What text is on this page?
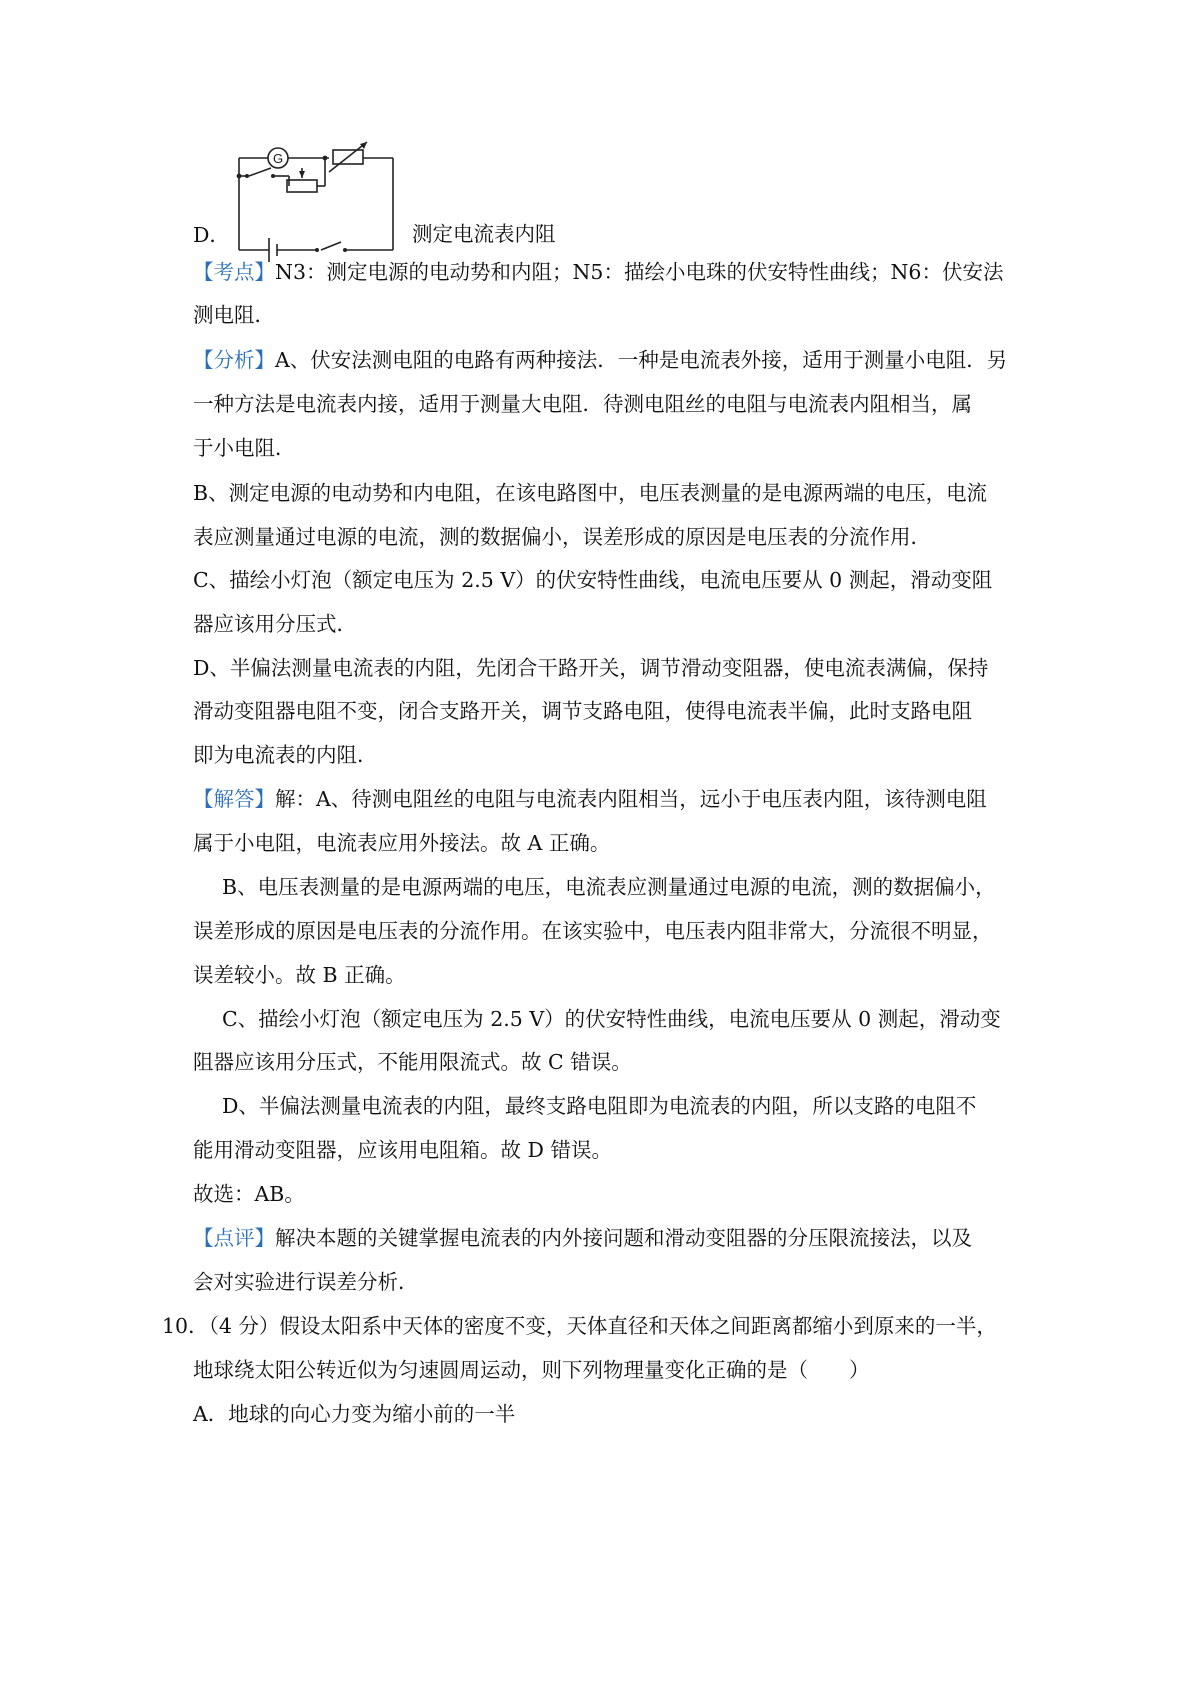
G
D．	测定电流表内阻
【考点】N3：测定电源的电动势和内阻；N5：描绘小电珠的伏安特性曲线；N6：伏安法
测电阻．
【分析】A、伏安法测电阻的电路有两种接法．一种是电流表外接，适用于测量小电阻．另
一种方法是电流表内接，适用于测量大电阻．待测电阻丝的电阻与电流表内阻相当，属
于小电阻．
B、测定电源的电动势和内电阻，在该电路图中，电压表测量的是电源两端的电压，电流
表应测量通过电源的电流，测的数据偏小，误差形成的原因是电压表的分流作用．
C、描绘小灯泡（额定电压为 2.5 V）的伏安特性曲线，电流电压要从 0 测起，滑动变阻
器应该用分压式．
D、半偏法测量电流表的内阻，先闭合干路开关，调节滑动变阻器，使电流表满偏，保持
滑动变阻器电阻不变，闭合支路开关，调节支路电阻，使得电流表半偏，此时支路电阻
即为电流表的内阻．
【解答】解：A、待测电阻丝的电阻与电流表内阻相当，远小于电压表内阻，该待测电阻
属于小电阻，电流表应用外接法。故 A 正确。
B、电压表测量的是电源两端的电压，电流表应测量通过电源的电流，测的数据偏小，
误差形成的原因是电压表的分流作用。在该实验中，电压表内阻非常大，分流很不明显，
误差较小。故 B 正确。
C、描绘小灯泡（额定电压为 2.5 V）的伏安特性曲线，电流电压要从 0 测起，滑动变
阻器应该用分压式，不能用限流式。故 C 错误。
D、半偏法测量电流表的内阻，最终支路电阻即为电流表的内阻，所以支路的电阻不
能用滑动变阻器，应该用电阻箱。故 D 错误。
故选：AB。
【点评】解决本题的关键掌握电流表的内外接问题和滑动变阻器的分压限流接法，以及
会对实验进行误差分析．
10．（4 分）假设太阳系中天体的密度不变，天体直径和天体之间距离都缩小到原来的一半，
地球绕太阳公转近似为匀速圆周运动，则下列物理量变化正确的是（　　）
A．地球的向心力变为缩小前的一半
